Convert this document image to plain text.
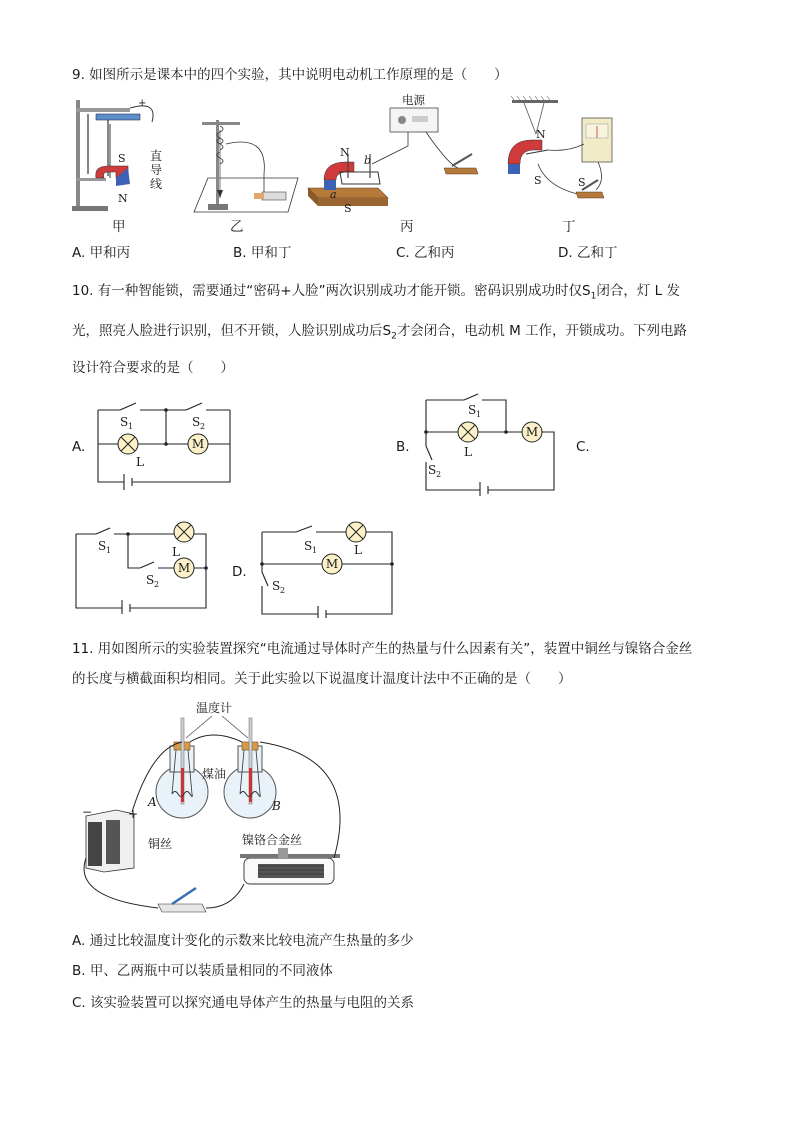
9. 如图所示是课本中的四个实验，其中说明电动机工作原理的是（　　）
+
S
N
直
导
线
电源
N
b
a
S
N
S	S
甲	乙	丙	丁
A. 甲和丙	B. 甲和丁	C. 乙和丙	D. 乙和丁
10. 有一种智能锁，需要通过“密码+人脸”两次识别成功才能开锁。密码识别成功时仅$S_1$闭合，灯 L 发
光，照亮人脸进行识别，但不开锁，人脸识别成功后$S_2$才会闭合，电动机 M 工作，开锁成功。下列电路
设计符合要求的是（　　）
A.	B.	C.
D.
M
S 1	S 2
L
M
S 1
L
S 2
M
S 1	L
S 2
M
S 1	L
S 2
11. 用如图所示的实验装置探究“电流通过导体时产生的热量与什么因素有关”，装置中铜丝与镍铬合金丝
的长度与横截面积均相同。关于此实验以下说温度计温度计法中不正确的是（　　）
温度计
煤油
A	B
铜丝	镍铬合金丝
−	+
A. 通过比较温度计变化的示数来比较电流产生热量的多少
B. 甲、乙两瓶中可以装质量相同的不同液体
C. 该实验装置可以探究通电导体产生的热量与电阻的关系
